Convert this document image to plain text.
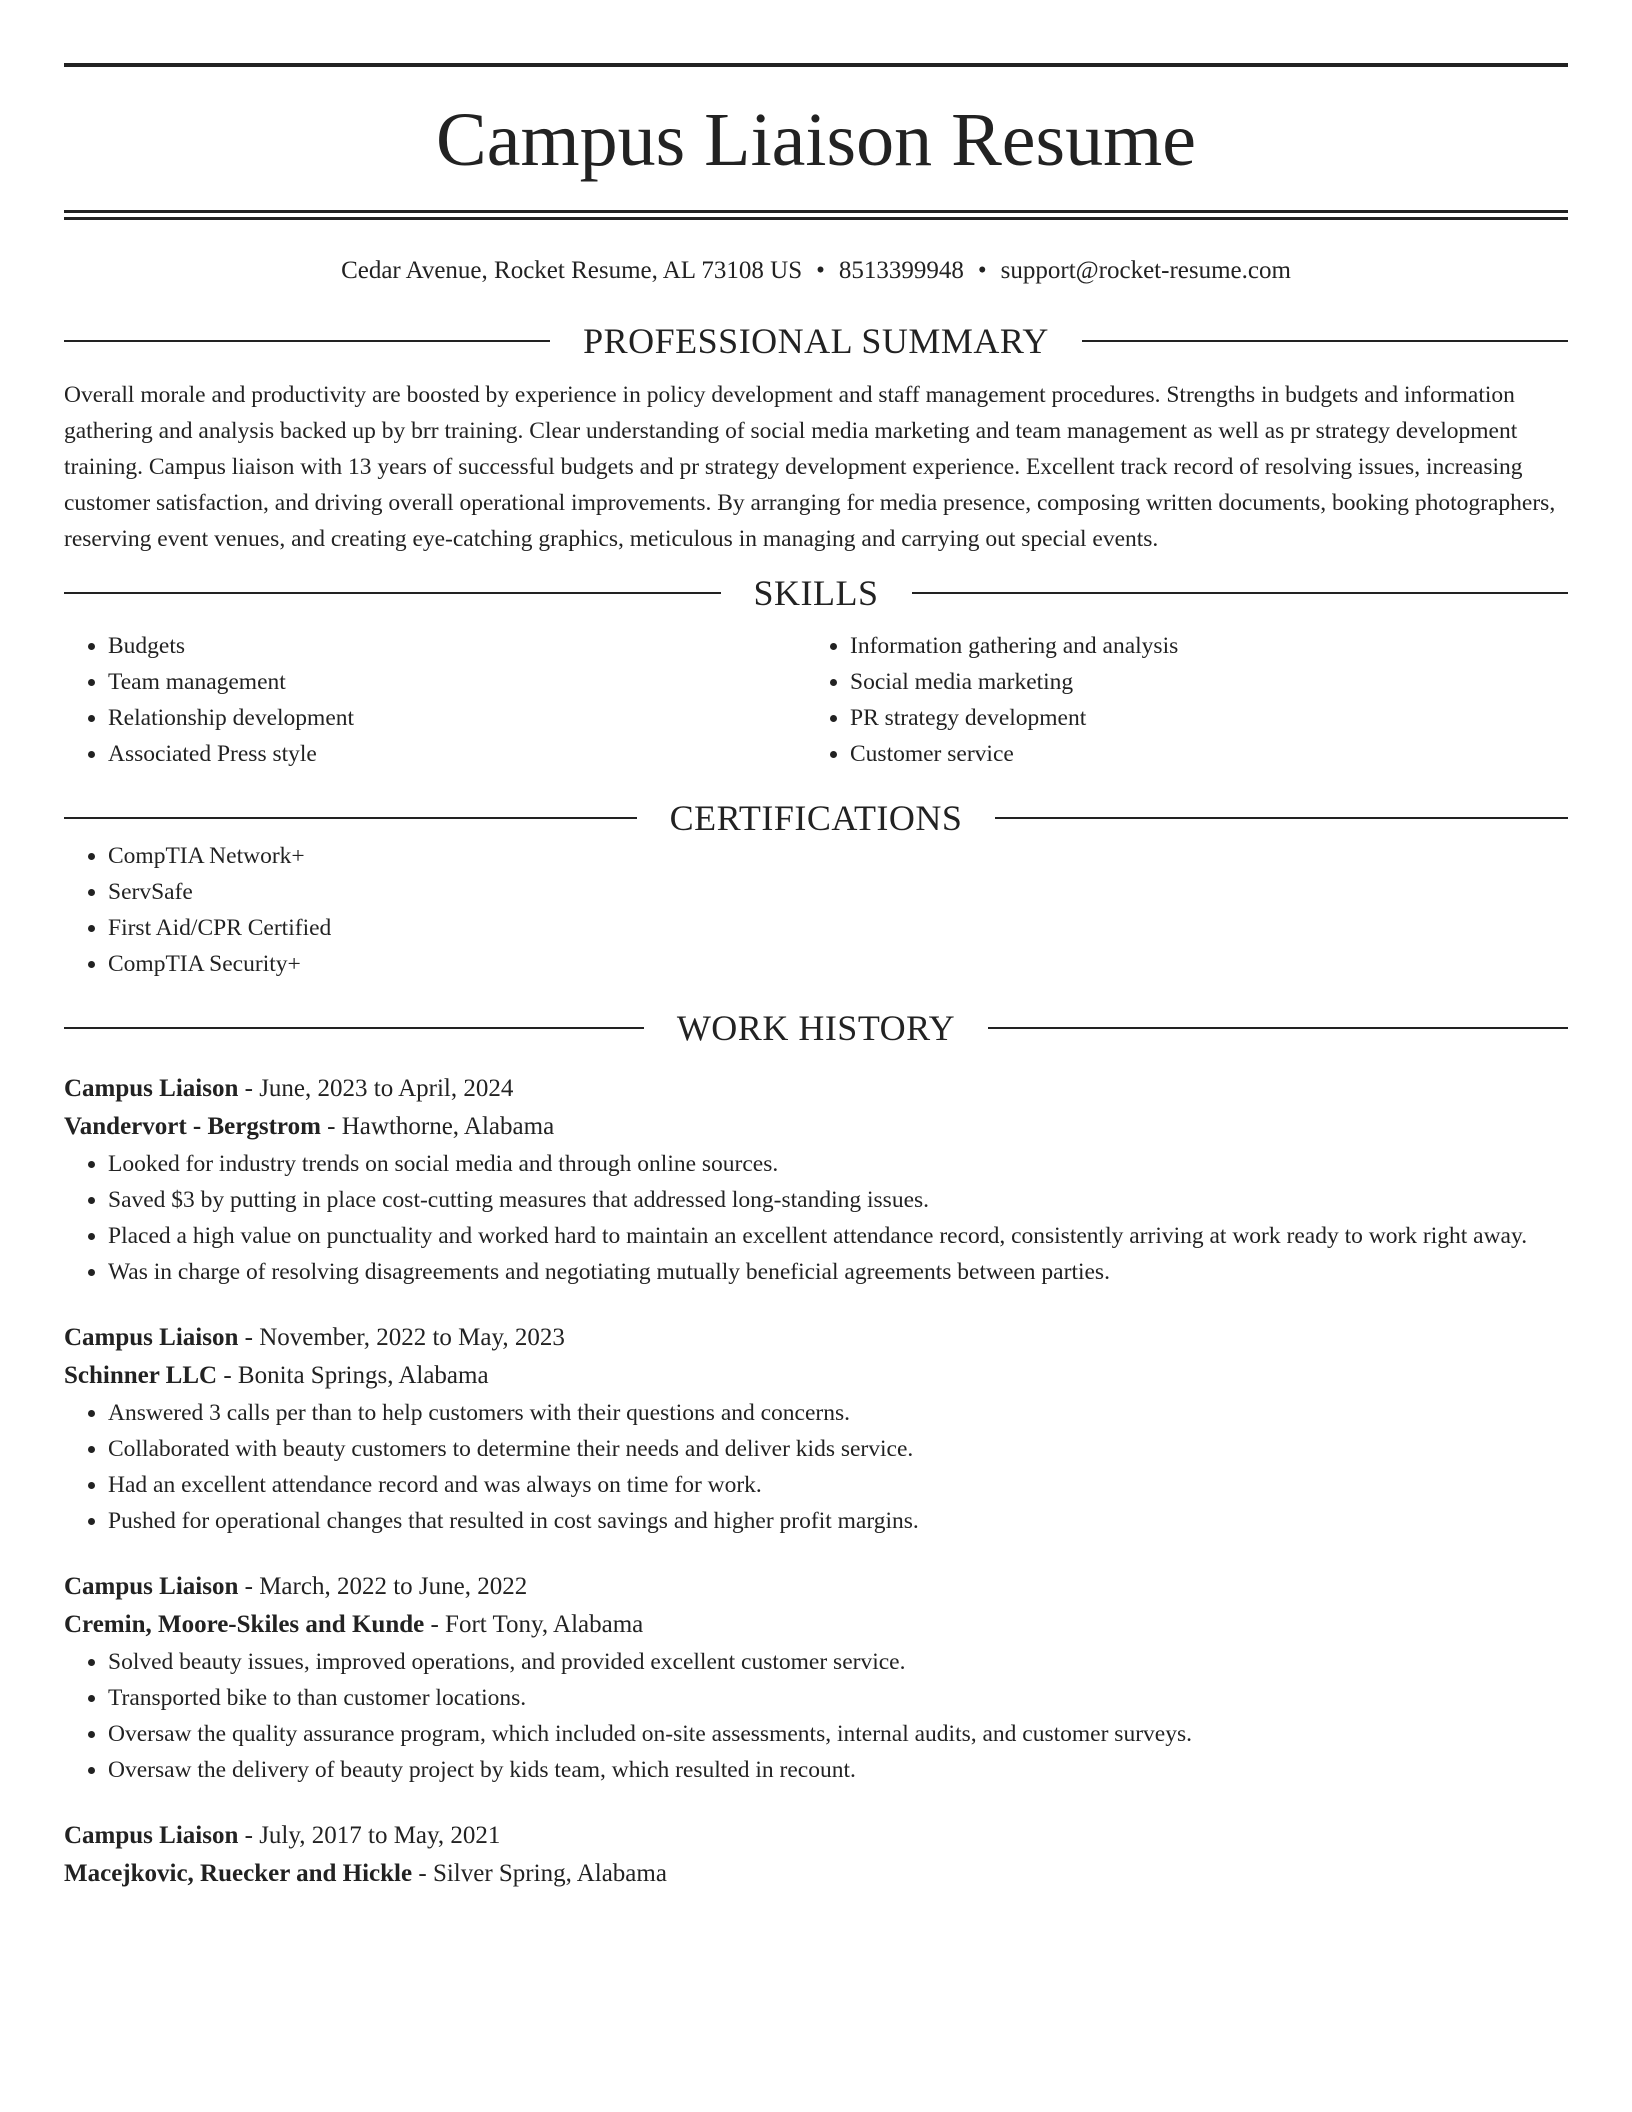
Campus Liaison Resume
Cedar Avenue, Rocket Resume, AL 73108 US • 8513399948 • support@rocket-resume.com
PROFESSIONAL SUMMARY

Overall morale and productivity are boosted by experience in policy development and staff management procedures. Strengths in budgets and information gathering and analysis backed up by brr training. Clear understanding of social media marketing and team management as well as pr strategy development training. Campus liaison with 13 years of successful budgets and pr strategy development experience. Excellent track record of resolving issues, increasing customer satisfaction, and driving overall operational improvements. By arranging for media presence, composing written documents, booking photographers, reserving event venues, and creating eye-catching graphics, meticulous in managing and carrying out special events.

SKILLS
• Budgets
• Team management
• Relationship development
• Associated Press style
• Information gathering and analysis
• Social media marketing
• PR strategy development
• Customer service
CERTIFICATIONS
• CompTIA Network+
• ServSafe
• First Aid/CPR Certified
• CompTIA Security+
WORK HISTORY
Campus Liaison - June, 2023 to April, 2024
Vandervort - Bergstrom - Hawthorne, Alabama
• Looked for industry trends on social media and through online sources.
• Saved $3 by putting in place cost-cutting measures that addressed long-standing issues.
• Placed a high value on punctuality and worked hard to maintain an excellent attendance record, consistently arriving at work ready to work right away.
• Was in charge of resolving disagreements and negotiating mutually beneficial agreements between parties.
Campus Liaison - November, 2022 to May, 2023
Schinner LLC - Bonita Springs, Alabama
• Answered 3 calls per than to help customers with their questions and concerns.
• Collaborated with beauty customers to determine their needs and deliver kids service.
• Had an excellent attendance record and was always on time for work.
• Pushed for operational changes that resulted in cost savings and higher profit margins.
Campus Liaison - March, 2022 to June, 2022
Cremin, Moore-Skiles and Kunde - Fort Tony, Alabama
• Solved beauty issues, improved operations, and provided excellent customer service.
• Transported bike to than customer locations.
• Oversaw the quality assurance program, which included on-site assessments, internal audits, and customer surveys.
• Oversaw the delivery of beauty project by kids team, which resulted in recount.
Campus Liaison - July, 2017 to May, 2021
Macejkovic, Ruecker and Hickle - Silver Spring, Alabama
